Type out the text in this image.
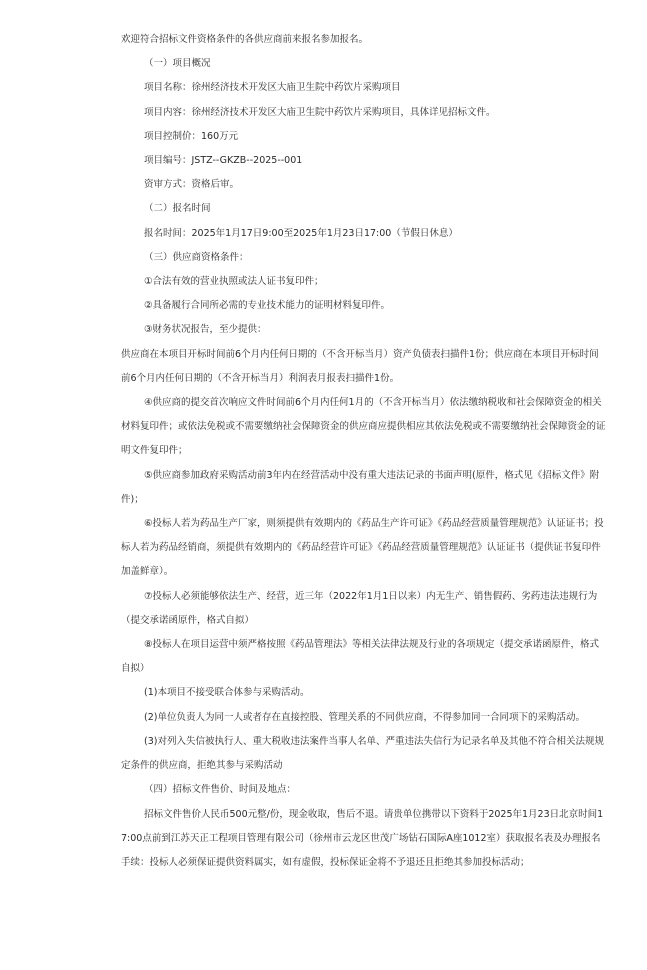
欢迎符合招标文件资格条件的各供应商前来报名参加报名。

（一）项目概况

项目名称：徐州经济技术开发区大庙卫生院中药饮片采购项目

项目内容：徐州经济技术开发区大庙卫生院中药饮片采购项目，具体详见招标文件。

项目控制价：160万元

项目编号：JSTZ--GKZB--2025--001

资审方式：资格后审。

（二）报名时间

报名时间：2025年1月17日9:00至2025年1月23日17:00（节假日休息）

（三）供应商资格条件：

①合法有效的营业执照或法人证书复印件；

②具备履行合同所必需的专业技术能力的证明材料复印件。

③财务状况报告，至少提供：

供应商在本项目开标时间前6个月内任何日期的（不含开标当月）资产负债表扫描件1份；供应商在本项目开标时间前6个月内任何日期的（不含开标当月）利润表月报表扫描件1份。

④供应商的提交首次响应文件时间前6个月内任何1月的（不含开标当月）依法缴纳税收和社会保障资金的相关材料复印件；或依法免税或不需要缴纳社会保障资金的供应商应提供相应其依法免税或不需要缴纳社会保障资金的证明文件复印件；

⑤供应商参加政府采购活动前3年内在经营活动中没有重大违法记录的书面声明(原件，格式见《招标文件》附件)；

⑥投标人若为药品生产厂家，则须提供有效期内的《药品生产许可证》《药品经营质量管理规范》认证证书；投标人若为药品经销商，须提供有效期内的《药品经营许可证》《药品经营质量管理规范》认证证书（提供证书复印件加盖鲜章）。

⑦投标人必须能够依法生产、经营，近三年（2022年1月1日以来）内无生产、销售假药、劣药违法违规行为（提交承诺函原件，格式自拟）

⑧投标人在项目运营中须严格按照《药品管理法》等相关法律法规及行业的各项规定（提交承诺函原件，格式自拟）

(1)本项目不接受联合体参与采购活动。

(2)单位负责人为同一人或者存在直接控股、管理关系的不同供应商，不得参加同一合同项下的采购活动。

(3)对列入失信被执行人、重大税收违法案件当事人名单、严重违法失信行为记录名单及其他不符合相关法规规定条件的供应商，拒绝其参与采购活动

（四）招标文件售价、时间及地点：

招标文件售价人民币500元整/份，现金收取，售后不退。请贵单位携带以下资料于2025年1月23日北京时间17:00点前到江苏天正工程项目管理有限公司（徐州市云龙区世茂广场钻石国际A座1012室）获取报名表及办理报名手续：投标人必须保证提供资料属实，如有虚假，投标保证金将不予退还且拒绝其参加投标活动；
